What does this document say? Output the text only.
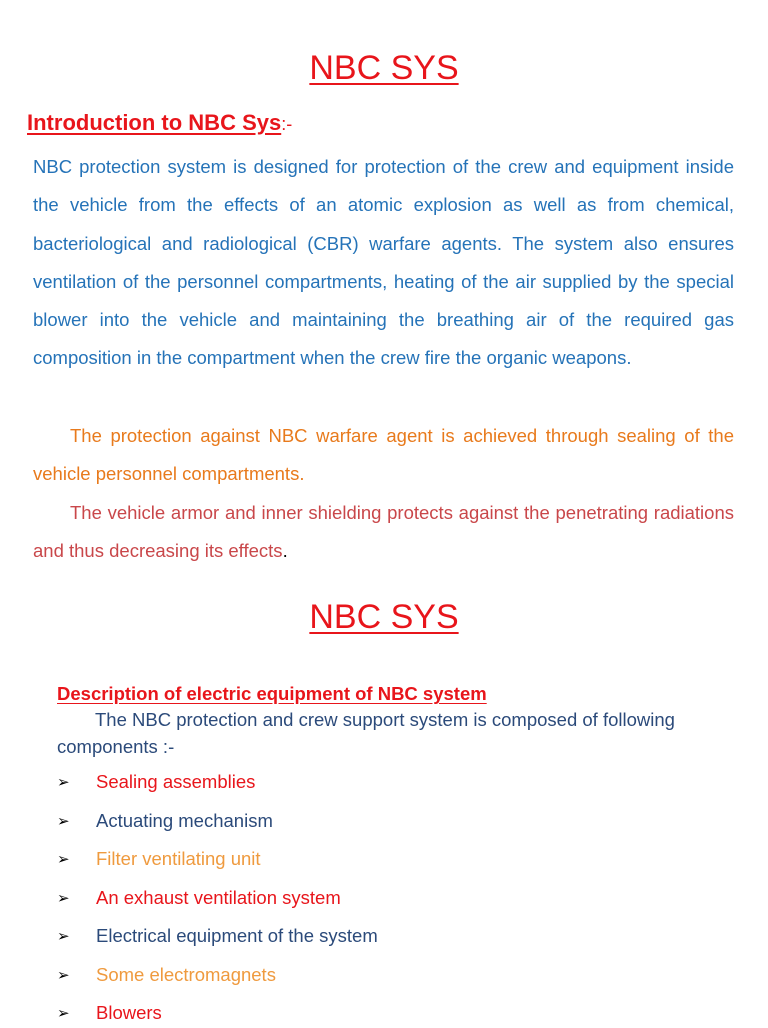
NBC SYS
Introduction to NBC Sys:-

NBC protection system is designed for protection of the crew and equipment inside the vehicle from the effects of an atomic explosion as well as from chemical, bacteriological and radiological (CBR) warfare agents. The system also ensures ventilation of the personnel compartments, heating of the air supplied by the special blower into the vehicle and maintaining the breathing air of the required gas composition in the compartment when the crew fire the organic weapons.

The protection against NBC warfare agent is achieved through sealing of the vehicle personnel compartments.

The vehicle armor and inner shielding protects against the penetrating radiations and thus decreasing its effects.

NBC SYS
Description of electric equipment of NBC system

The NBC protection and crew support system is composed of following components :-

➢	Sealing assemblies
➢	Actuating mechanism
➢	Filter ventilating unit
➢	An exhaust ventilation system
➢	Electrical equipment of the system
➢	Some electromagnets
➢	Blowers
